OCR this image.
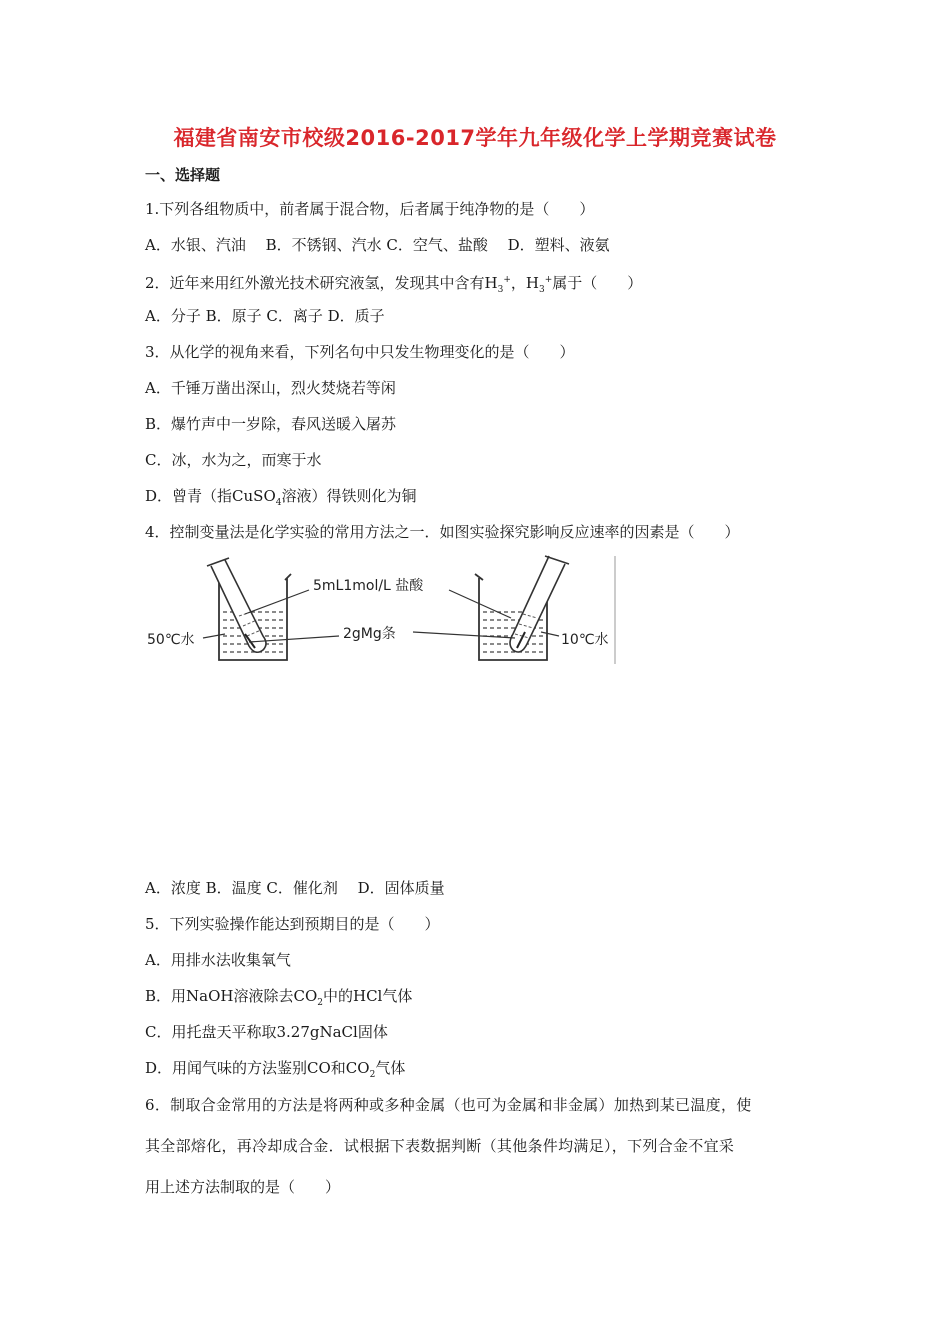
福建省南安市校级2016-2017学年九年级化学上学期竞赛试卷
一、选择题
1.下列各组物质中，前者属于混合物，后者属于纯净物的是（　　）
A．水银、汽油　 B．不锈钢、汽水 C．空气、盐酸　 D．塑料、液氨
2．近年来用红外激光技术研究液氢，发现其中含有$H_3^+$，$H_3^+$属于（　　）
A．分子 B．原子 C．离子 D．质子
3．从化学的视角来看，下列名句中只发生物理变化的是（　　）
A．千锤万凿出深山，烈火焚烧若等闲
B．爆竹声中一岁除，春风送暖入屠苏
C．冰，水为之，而寒于水
D．曾青（指CuSO$_4$溶液）得铁则化为铜
4．控制变量法是化学实验的常用方法之一．如图实验探究影响反应速率的因素是（　　）
5mL1mol/L 盐酸
2gMg条
50℃水	10℃水
A．浓度 B．温度 C．催化剂　 D．固体质量
5．下列实验操作能达到预期目的是（　　）
A．用排水法收集氧气
B．用NaOH溶液除去$CO_2$中的HCl气体
C．用托盘天平称取3.27gNaCl固体
D．用闻气味的方法鉴别CO和$CO_2$气体
6．制取合金常用的方法是将两种或多种金属（也可为金属和非金属）加热到某已温度，使
其全部熔化，再冷却成合金．试根据下表数据判断（其他条件均满足），下列合金不宜采
用上述方法制取的是（　　）
